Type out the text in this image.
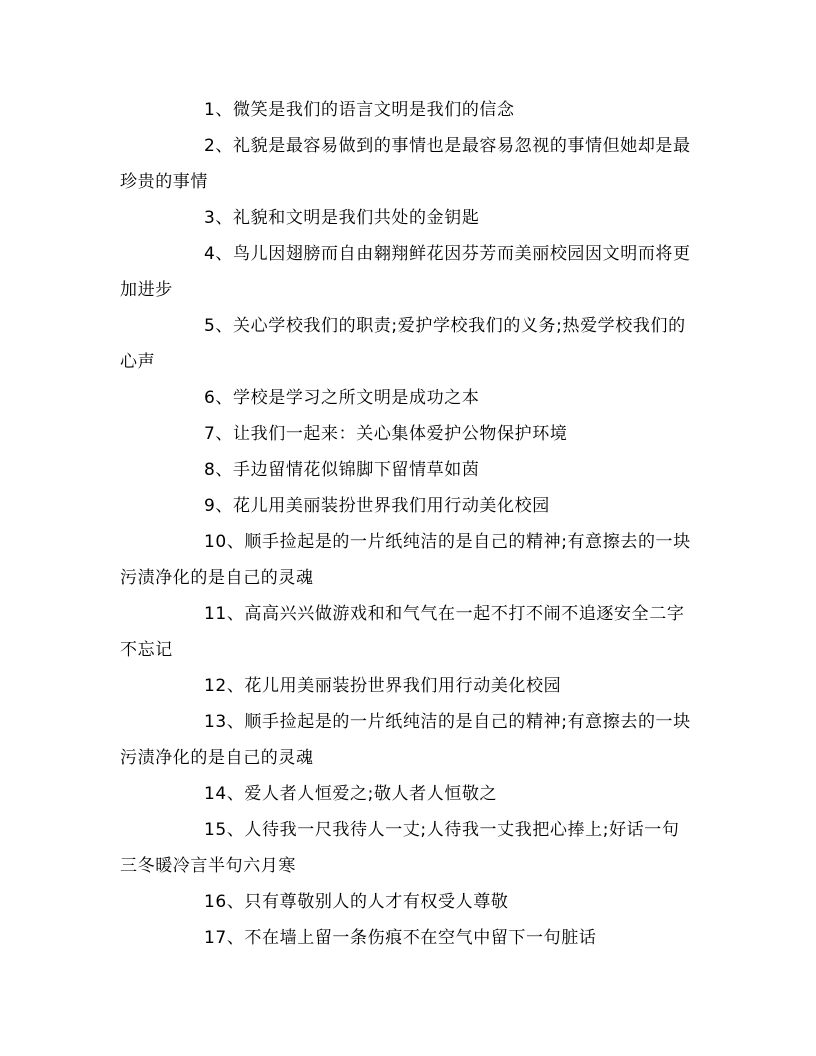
1、微笑是我们的语言文明是我们的信念

2、礼貌是最容易做到的事情也是最容易忽视的事情但她却是最珍贵的事情

3、礼貌和文明是我们共处的金钥匙

4、鸟儿因翅膀而自由翱翔鲜花因芬芳而美丽校园因文明而将更加进步

5、关心学校我们的职责;爱护学校我们的义务;热爱学校我们的心声

6、学校是学习之所文明是成功之本

7、让我们一起来：关心集体爱护公物保护环境

8、手边留情花似锦脚下留情草如茵

9、花儿用美丽装扮世界我们用行动美化校园

10、顺手捡起是的一片纸纯洁的是自己的精神;有意擦去的一块污渍净化的是自己的灵魂

11、高高兴兴做游戏和和气气在一起不打不闹不追逐安全二字不忘记

12、花儿用美丽装扮世界我们用行动美化校园

13、顺手捡起是的一片纸纯洁的是自己的精神;有意擦去的一块污渍净化的是自己的灵魂

14、爱人者人恒爱之;敬人者人恒敬之

15、人待我一尺我待人一丈;人待我一丈我把心捧上;好话一句三冬暖冷言半句六月寒

16、只有尊敬别人的人才有权受人尊敬

17、不在墙上留一条伤痕不在空气中留下一句脏话
